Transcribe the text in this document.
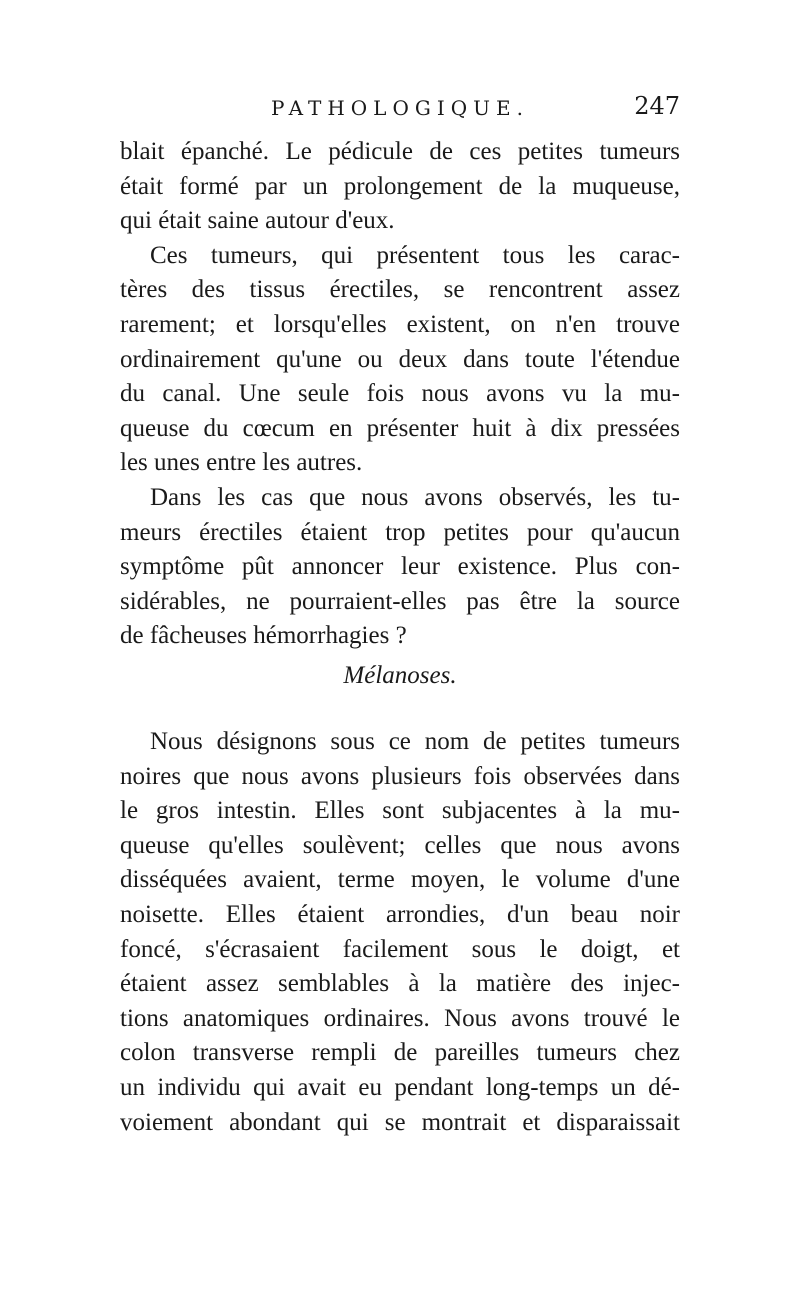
PATHOLOGIQUE.	247
blait épanché. Le pédicule de ces petites tumeurs
était formé par un prolongement de la muqueuse,
qui était saine autour d'eux.
Ces tumeurs, qui présentent tous les carac-
tères des tissus érectiles, se rencontrent assez
rarement; et lorsqu'elles existent, on n'en trouve
ordinairement qu'une ou deux dans toute l'étendue
du canal. Une seule fois nous avons vu la mu-
queuse du cœcum en présenter huit à dix pressées
les unes entre les autres.
Dans les cas que nous avons observés, les tu-
meurs érectiles étaient trop petites pour qu'aucun
symptôme pût annoncer leur existence. Plus con-
sidérables, ne pourraient-elles pas être la source
de fâcheuses hémorrhagies ?
Mélanoses.
Nous désignons sous ce nom de petites tumeurs
noires que nous avons plusieurs fois observées dans
le gros intestin. Elles sont subjacentes à la mu-
queuse qu'elles soulèvent; celles que nous avons
disséquées avaient, terme moyen, le volume d'une
noisette. Elles étaient arrondies, d'un beau noir
foncé, s'écrasaient facilement sous le doigt, et
étaient assez semblables à la matière des injec-
tions anatomiques ordinaires. Nous avons trouvé le
colon transverse rempli de pareilles tumeurs chez
un individu qui avait eu pendant long-temps un dé-
voiement abondant qui se montrait et disparaissait
